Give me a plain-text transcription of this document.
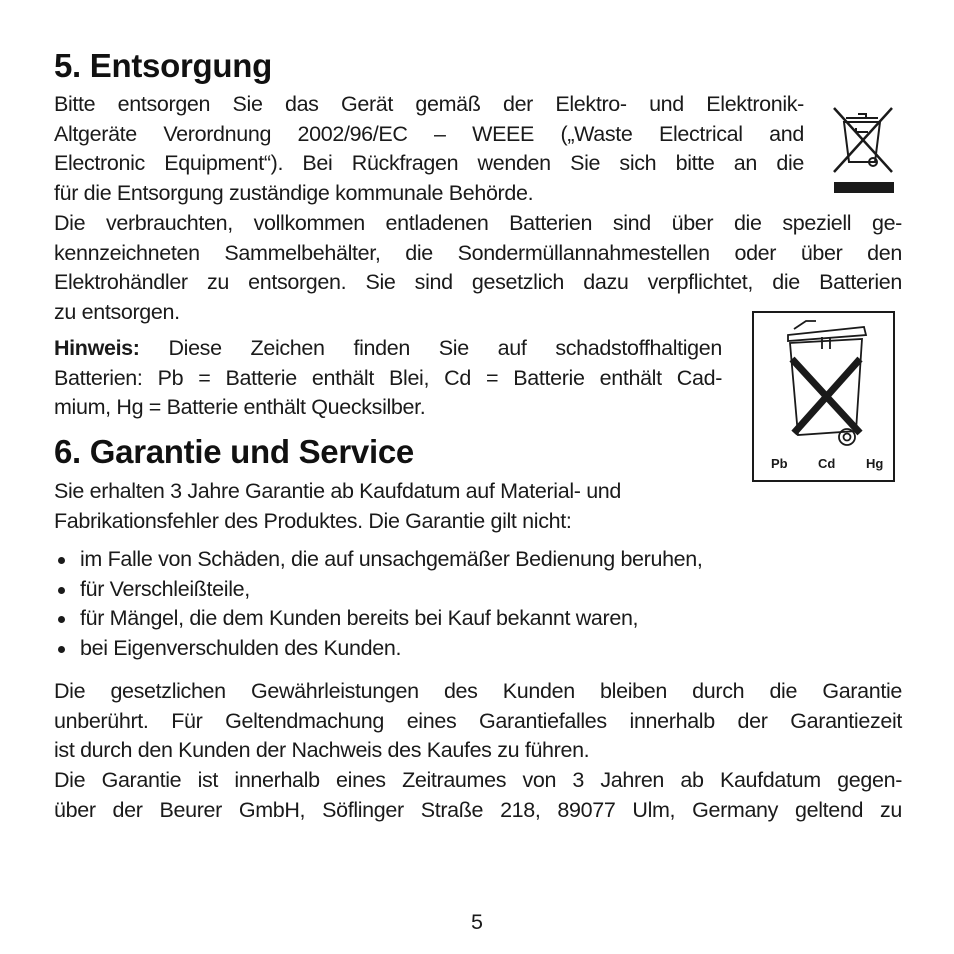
5. Entsorgung

Bitte entsorgen Sie das Gerät gemäß der Elektro- und Elektronik-
Altgeräte Verordnung 2002/96/EC – WEEE („Waste Electrical and
Electronic Equipment“). Bei Rückfragen wenden Sie sich bitte an die
für die Entsorgung zuständige kommunale Behörde.

Die verbrauchten, vollkommen entladenen Batterien sind über die speziell ge-
kennzeichneten Sammelbehälter, die Sondermüllannahmestellen oder über den
Elektrohändler zu entsorgen. Sie sind gesetzlich dazu verpflichtet, die Batterien
zu entsorgen.

Hinweis: Diese Zeichen finden Sie auf schadstoffhaltigen
Batterien: Pb = Batterie enthält Blei, Cd = Batterie enthält Cad-
mium, Hg = Batterie enthält Quecksilber.

Pb Cd Hg
6. Garantie und Service

Sie erhalten 3 Jahre Garantie ab Kaufdatum auf Material- und
Fabrikationsfehler des Produktes. Die Garantie gilt nicht:

im Falle von Schäden, die auf unsachgemäßer Bedienung beruhen,
für Verschleißteile,
für Mängel, die dem Kunden bereits bei Kauf bekannt waren,
bei Eigenverschulden des Kunden.

Die gesetzlichen Gewährleistungen des Kunden bleiben durch die Garantie
unberührt. Für Geltendmachung eines Garantiefalles innerhalb der Garantiezeit
ist durch den Kunden der Nachweis des Kaufes zu führen.

Die Garantie ist innerhalb eines Zeitraumes von 3 Jahren ab Kaufdatum gegen-
über der Beurer GmbH, Söflinger Straße 218, 89077 Ulm, Germany geltend zu

5
